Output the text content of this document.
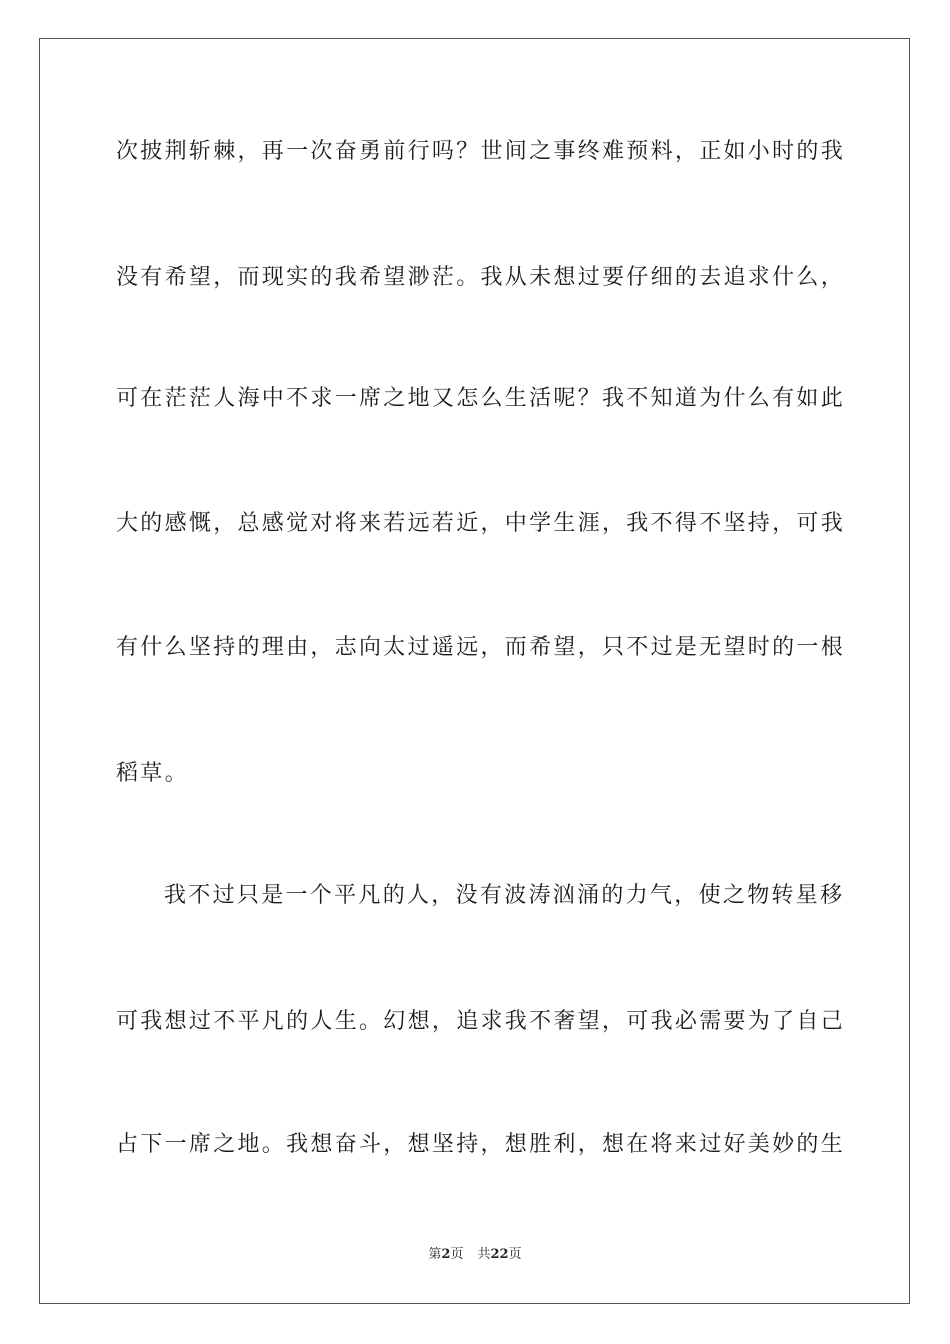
次披荆斩棘，再一次奋勇前行吗？世间之事终难预料，正如小时的我
没有希望，而现实的我希望渺茫。我从未想过要仔细的去追求什么，
可在茫茫人海中不求一席之地又怎么生活呢？我不知道为什么有如此
大的感慨，总感觉对将来若远若近，中学生涯，我不得不坚持，可我
有什么坚持的理由，志向太过遥远，而希望，只不过是无望时的一根
稻草。
我不过只是一个平凡的人，没有波涛汹涌的力气，使之物转星移
可我想过不平凡的人生。幻想，追求我不奢望，可我必需要为了自己
占下一席之地。我想奋斗，想坚持，想胜利，想在将来过好美妙的生
第2页 共22页
